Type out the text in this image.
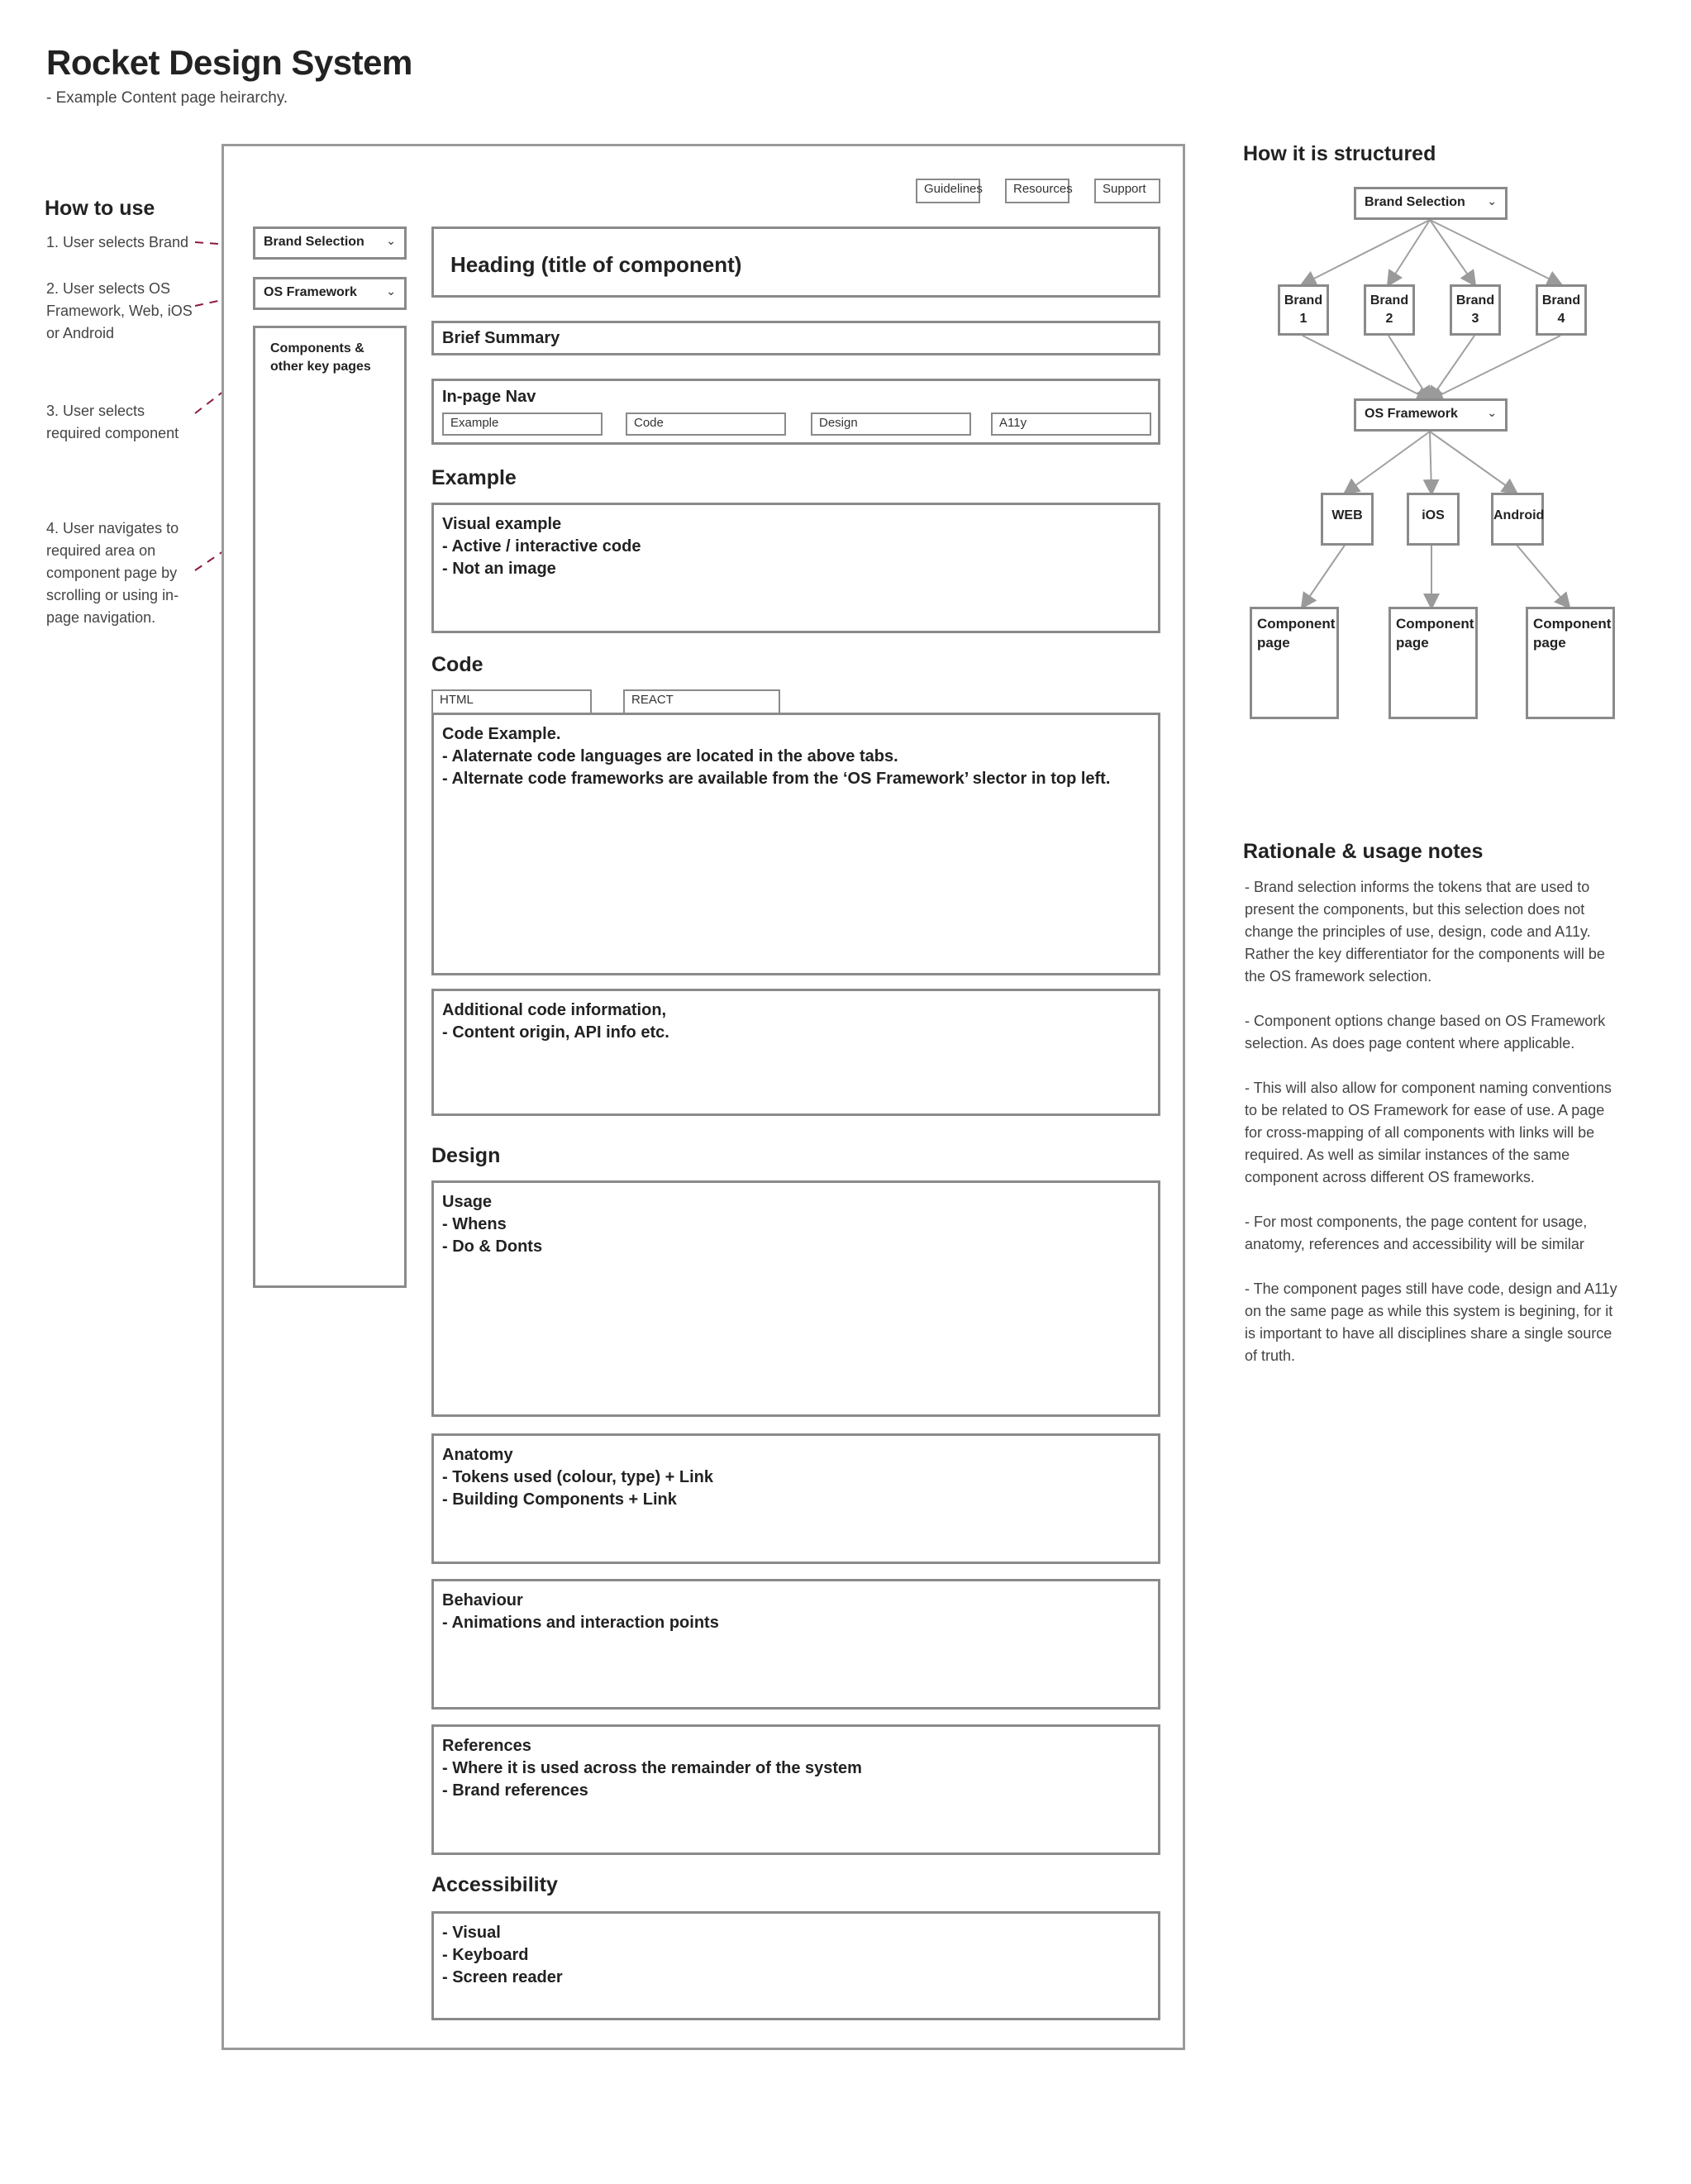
Rocket Design System
- Example Content page heirarchy.
How to use
1. User selects Brand
2. User selects OS Framework, Web, iOS or Android
3. User selects required component
4. User navigates to required area on component page by scrolling or using in-page navigation.
Guidelines	Resources	Support
Brand Selection ⌄
OS Framework	⌄
Components & other key pages
Heading (title of component)
Brief Summary
In-page Nav
Example	Code	Design	A11y
Example
Visual example
- Active / interactive code
- Not an image
Code
HTML	REACT
Code Example.
- Alaternate code languages are located in the above tabs.
- Alternate code frameworks are available from the ‘OS Framework’ slector in top left.
Additional code information,
- Content origin, API info etc.
Design
Usage
- Whens
- Do & Donts
Anatomy
- Tokens used (colour, type) + Link
- Building Components + Link
Behaviour
- Animations and interaction points
References
- Where it is used across the remainder of the system
- Brand references
Accessibility
- Visual
- Keyboard
- Screen reader
How it is structured
Brand Selection ⌄
Brand
1
Brand
2
Brand
3
Brand
4
OS Framework	⌄
WEB	iOS	Android
Component page
Component page
Component page
Rationale & usage notes

- Brand selection informs the tokens that are used to present the components, but this selection does not change the principles of use, design, code and A11y. Rather the key differentiator for the components will be the OS framework selection.

- Component options change based on OS Framework selection. As does page content where applicable.

- This will also allow for component naming conventions to be related to OS Framework for ease of use. A page for cross-mapping of all components with links will be required. As well as similar instances of the same component across different OS frameworks.

- For most components, the page content for usage, anatomy, references and accessibility will be similar

- The component pages still have code, design and A11y on the same page as while this system is begining, for it is important to have all disciplines share a single source of truth.
